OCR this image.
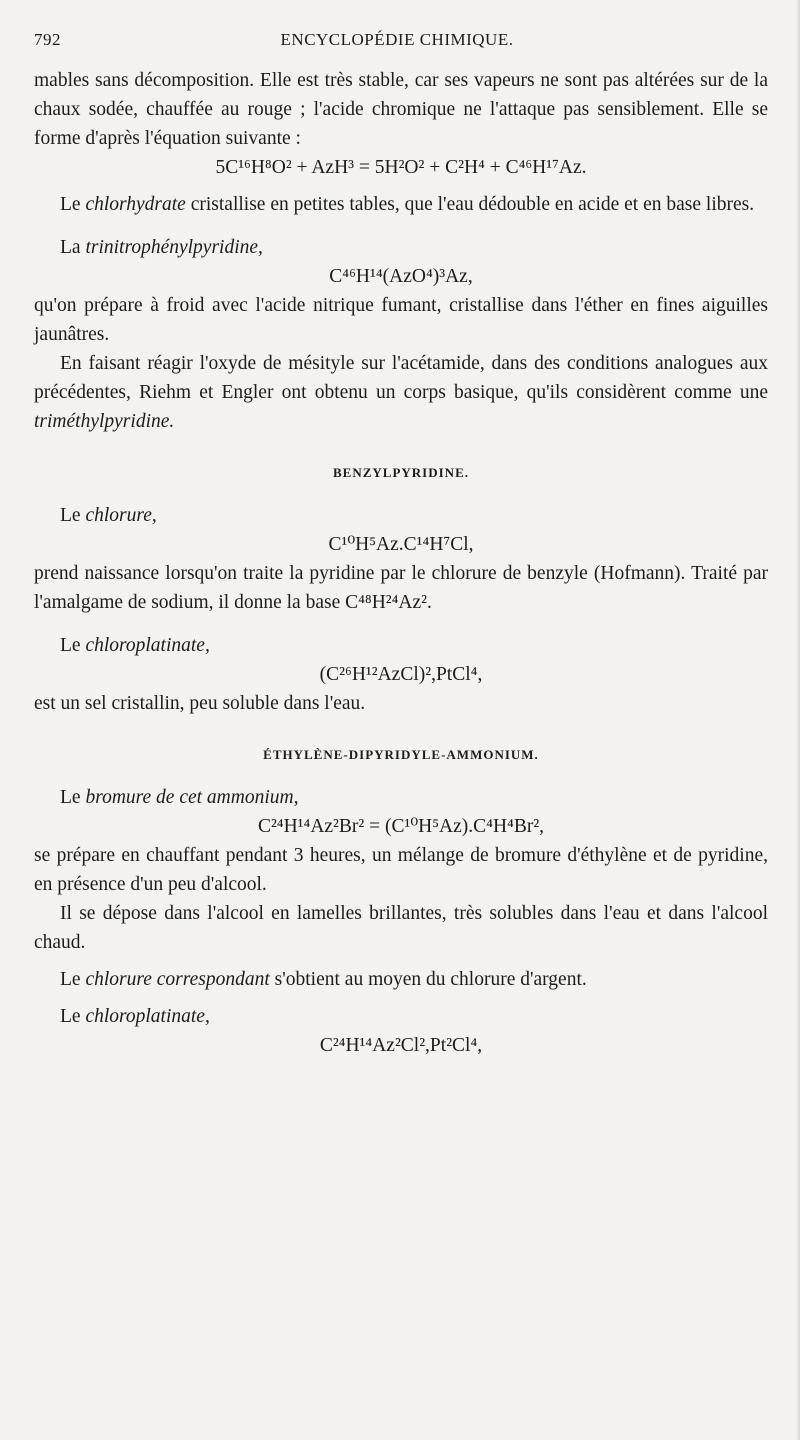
792	ENCYCLOPÉDIE CHIMIQUE.

mables sans décomposition. Elle est très stable, car ses vapeurs ne sont pas altérées sur de la chaux sodée, chauffée au rouge ; l'acide chromique ne l'attaque pas sensiblement. Elle se forme d'après l'équation suivante :

5C¹⁶H⁸O² + AzH³ = 5H²O² + C²H⁴ + C⁴⁶H¹⁷Az.

Le chlorhydrate cristallise en petites tables, que l'eau dédouble en acide et en base libres.

La trinitrophénylpyridine,

C⁴⁶H¹⁴(AzO⁴)³Az,

qu'on prépare à froid avec l'acide nitrique fumant, cristallise dans l'éther en fines aiguilles jaunâtres.

En faisant réagir l'oxyde de mésityle sur l'acétamide, dans des conditions analogues aux précédentes, Riehm et Engler ont obtenu un corps basique, qu'ils considèrent comme une triméthylpyridine.

BENZYLPYRIDINE.

Le chlorure,

C¹⁰H⁵Az.C¹⁴H⁷Cl,

prend naissance lorsqu'on traite la pyridine par le chlorure de benzyle (Hofmann). Traité par l'amalgame de sodium, il donne la base C⁴⁸H²⁴Az².

Le chloroplatinate,

(C²⁶H¹²AzCl)²,PtCl⁴,

est un sel cristallin, peu soluble dans l'eau.

ÉTHYLÈNE-DIPYRIDYLE-AMMONIUM.

Le bromure de cet ammonium,

C²⁴H¹⁴Az²Br² = (C¹⁰H⁵Az).C⁴H⁴Br²,

se prépare en chauffant pendant 3 heures, un mélange de bromure d'éthylène et de pyridine, en présence d'un peu d'alcool.

Il se dépose dans l'alcool en lamelles brillantes, très solubles dans l'eau et dans l'alcool chaud.

Le chlorure correspondant s'obtient au moyen du chlorure d'argent.

Le chloroplatinate,

C²⁴H¹⁴Az²Cl²,Pt²Cl⁴,
